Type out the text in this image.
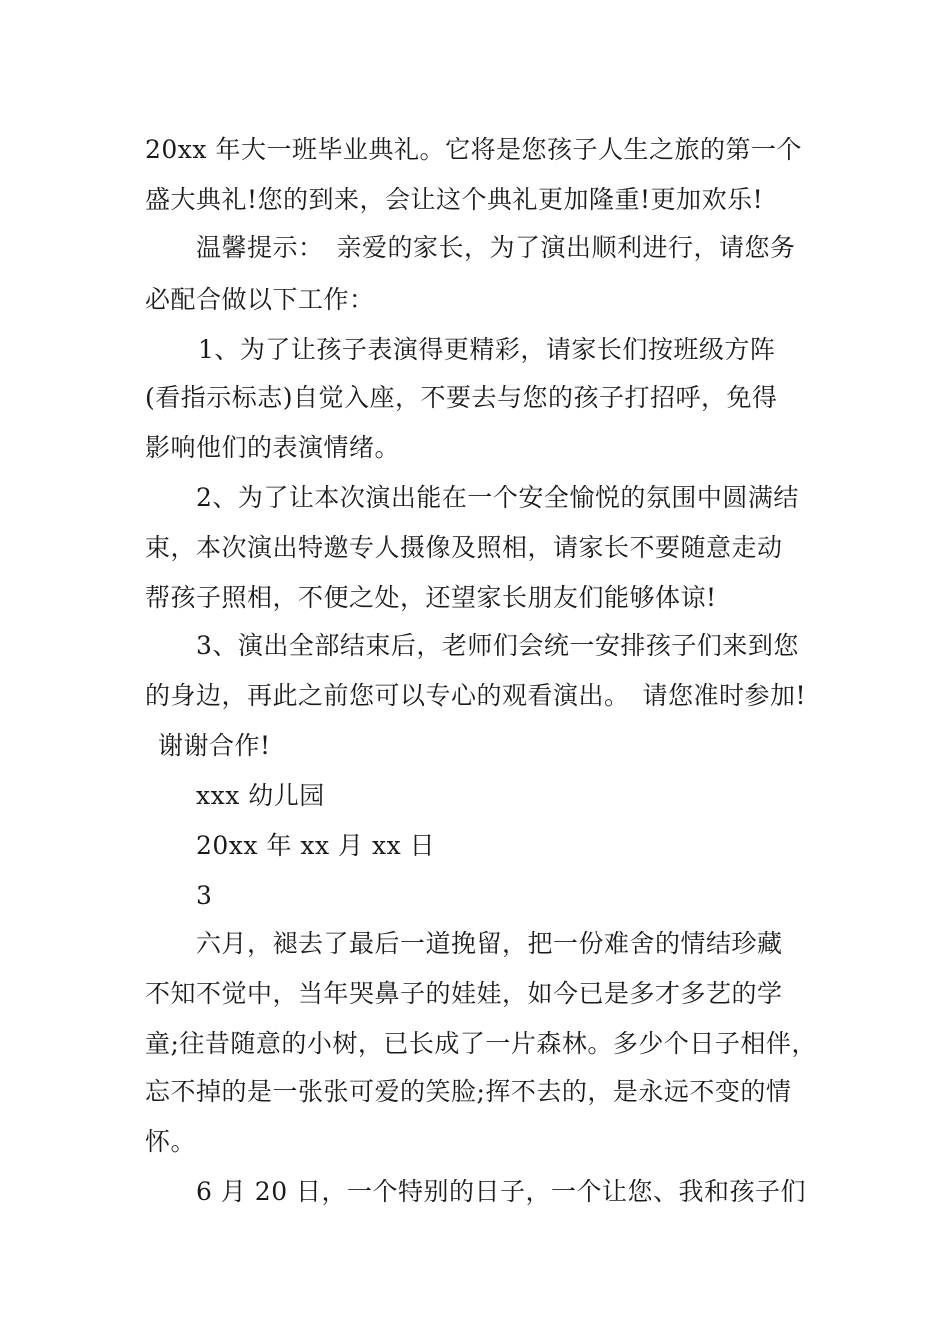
20xx 年大一班毕业典礼。它将是您孩子人生之旅的第一个
盛大典礼!您的到来，会让这个典礼更加隆重!更加欢乐!
温馨提示：　亲爱的家长，为了演出顺利进行，请您务
必配合做以下工作：
1、为了让孩子表演得更精彩，请家长们按班级方阵
(看指示标志)自觉入座，不要去与您的孩子打招呼，免得
影响他们的表演情绪。
2、为了让本次演出能在一个安全愉悦的氛围中圆满结
束，本次演出特邀专人摄像及照相，请家长不要随意走动
帮孩子照相，不便之处，还望家长朋友们能够体谅!
3、演出全部结束后，老师们会统一安排孩子们来到您
的身边，再此之前您可以专心的观看演出。　请您准时参加!
谢谢合作!
xxx 幼儿园
20xx 年 xx 月 xx 日
3
六月，褪去了最后一道挽留，把一份难舍的情结珍藏
不知不觉中，当年哭鼻子的娃娃，如今已是多才多艺的学
童;往昔随意的小树，已长成了一片森林。多少个日子相伴，
忘不掉的是一张张可爱的笑脸;挥不去的，是永远不变的情
怀。
6 月 20 日，一个特别的日子，一个让您、我和孩子们
